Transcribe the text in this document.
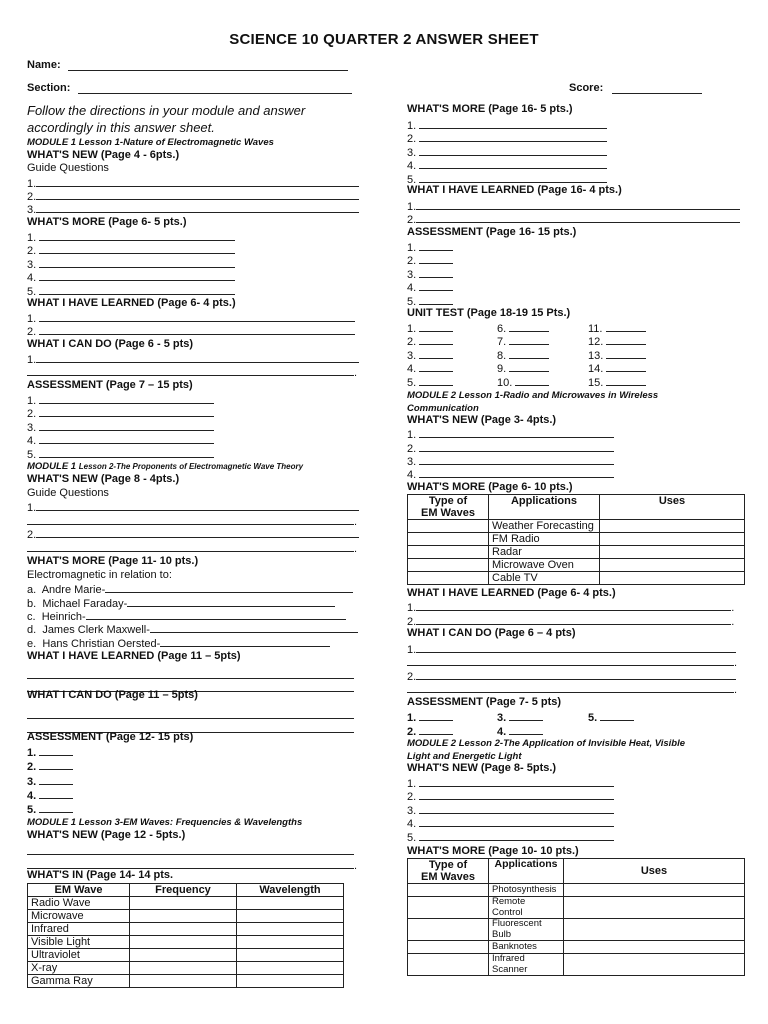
SCIENCE 10 QUARTER 2 ANSWER SHEET
Name:
Section:	Score:
Follow the directions in your module and answer
accordingly in this answer sheet.
MODULE 1 Lesson 1-Nature of Electromagnetic Waves
WHAT'S NEW (Page 4 - 6pts.)
Guide Questions
1.
2.
3.
WHAT'S MORE (Page 6- 5 pts.)
1.
2.
3.
4.
5.
WHAT I HAVE LEARNED (Page 6- 4 pts.)
1.
2.
WHAT I CAN DO (Page 6 - 5 pts)
1.
.
ASSESSMENT (Page 7 – 15 pts)
1.
2.
3.
4.
5.
MODULE 1 Lesson 2-The Proponents of Electromagnetic Wave Theory
WHAT'S NEW (Page 8 - 4pts.)
Guide Questions
1.
.
2.
.
WHAT'S MORE (Page 11- 10 pts.)
Electromagnetic in relation to:
a. Andre Marie-
b. Michael Faraday-
c. Heinrich-
d. James Clerk Maxwell-
e. Hans Christian Oersted-
WHAT I HAVE LEARNED (Page 11 – 5pts)
WHAT I CAN DO (Page 11 – 5pts)
ASSESSMENT (Page 12- 15 pts)
1.
2.
3.
4.
5.
MODULE 1 Lesson 3-EM Waves: Frequencies & Wavelengths
WHAT'S NEW (Page 12 - 5pts.)
.
WHAT'S IN (Page 14- 14 pts.
EM Wave	Frequency	Wavelength
Radio Wave		
Microwave		
Infrared		
Visible Light		
Ultraviolet		
X-ray		
Gamma Ray		
WHAT'S MORE (Page 16- 5 pts.)
1.
2.
3.
4.
5.
WHAT I HAVE LEARNED (Page 16- 4 pts.)
1.
2.
ASSESSMENT (Page 16- 15 pts.)
1.
2.
3.
4.
5.
UNIT TEST (Page 18-19 15 Pts.)
1.	6.	11.
2.	7.	12.
3.	8.	13.
4.	9.	14.
5.	10.	15.
MODULE 2 Lesson 1-Radio and Microwaves in Wireless
Communication
WHAT'S NEW (Page 3- 4pts.)
1.
2.
3.
4.
WHAT'S MORE (Page 6- 10 pts.)
WHAT I HAVE LEARNED (Page 6- 4 pts.)
1.	.
2.	.
WHAT I CAN DO (Page 6 – 4 pts)
1.
.
2.
.
ASSESSMENT (Page 7- 5 pts)
1.	3.	5.
2.	4.
MODULE 2 Lesson 2-The Application of Invisible Heat, Visible
Light and Energetic Light
WHAT'S NEW (Page 8- 5pts.)
1.
2.
3.
4.
5.
WHAT'S MORE (Page 10- 10 pts.)
Type of
EM Waves	Applications	Uses
	Weather Forecasting	
	FM Radio	
	Radar	
	Microwave Oven	
	Cable TV	
Type of
EM Waves	Applications	Uses

	Photosynthesis	

	Remote
Control	

	Fluorescent
Bulb	

	Banknotes	

	Infrared
Scanner	
